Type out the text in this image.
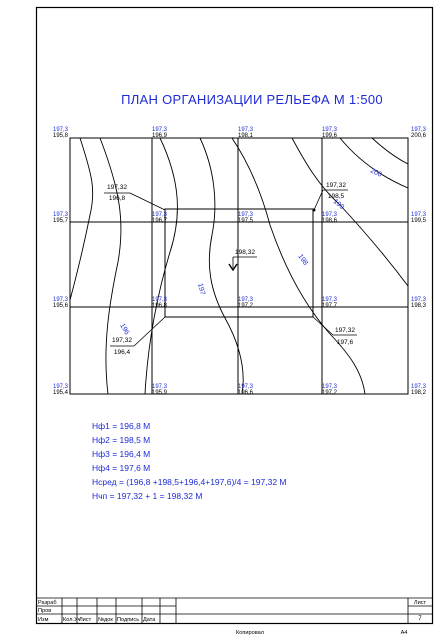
ПЛАН ОРГАНИЗАЦИИ РЕЛЬЕФА М 1:500
196
197
198
199
200
197,3
195,8
197,3
196,9
197,3
198,1
197,3
199,6
197,3
200,6
197,3
195,7
197,3
196,7
197,3
197,5
197,3
198,6
197,3
199,5
197,3
195,6
197,3
196,8
197,3
197,2
197,3
197,7
197,3
198,3
197,3
195,4
197,3
195,9
197,3
196,6
197,3
197,2
197,3
198,2
197,32
196,8
197,32
198,5
197,32
196,4
197,32
197,6
198,32
Нф1 = 196,8 М
Нф2 = 198,5 М
Нф3 = 196,4 М
Нф4 = 197,6 М
Нсред = (196,8 +198,5+196,4+197,6)/4 = 197,32 М
Нчп = 197,32 + 1 = 198,32 М
Разраб
Пров
Изм	Кол.Уч
Лист №док Подпись Дата
Лист
7
Копировал	А4
